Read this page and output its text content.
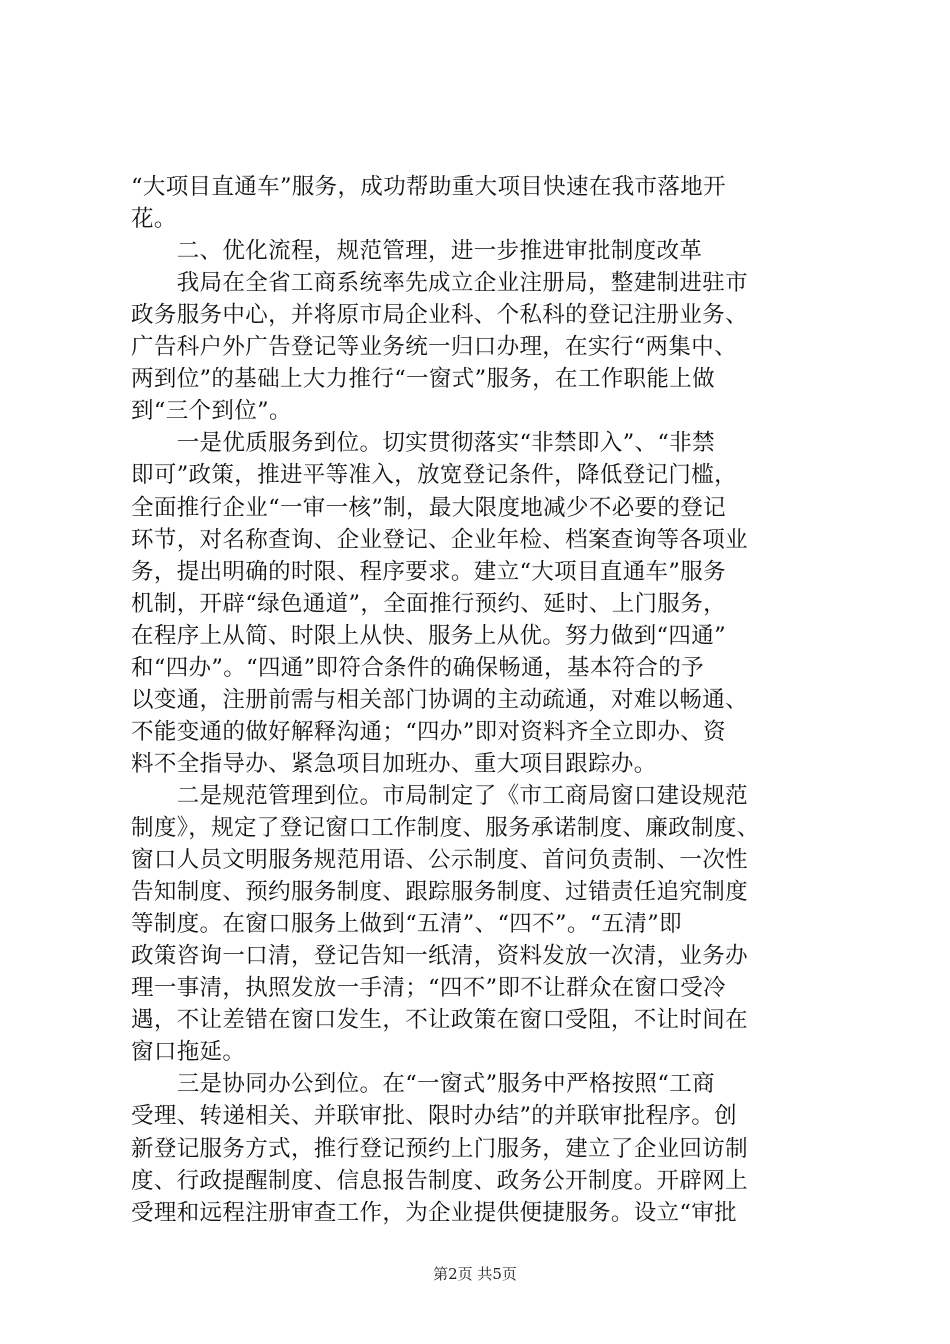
“大项目直通车”服务，成功帮助重大项目快速在我市落地开
花。
　　二、优化流程，规范管理，进一步推进审批制度改革
　　我局在全省工商系统率先成立企业注册局，整建制进驻市
政务服务中心，并将原市局企业科、个私科的登记注册业务、
广告科户外广告登记等业务统一归口办理，在实行“两集中、
两到位”的基础上大力推行“一窗式”服务，在工作职能上做
到“三个到位”。
　　一是优质服务到位。切实贯彻落实“非禁即入”、“非禁
即可”政策，推进平等准入，放宽登记条件，降低登记门槛，
全面推行企业“一审一核”制，最大限度地减少不必要的登记
环节，对名称查询、企业登记、企业年检、档案查询等各项业
务，提出明确的时限、程序要求。建立“大项目直通车”服务
机制，开辟“绿色通道”，全面推行预约、延时、上门服务，
在程序上从简、时限上从快、服务上从优。努力做到“四通”
和“四办”。“四通”即符合条件的确保畅通，基本符合的予
以变通，注册前需与相关部门协调的主动疏通，对难以畅通、
不能变通的做好解释沟通；“四办”即对资料齐全立即办、资
料不全指导办、紧急项目加班办、重大项目跟踪办。
　　二是规范管理到位。市局制定了《市工商局窗口建设规范
制度》，规定了登记窗口工作制度、服务承诺制度、廉政制度、
窗口人员文明服务规范用语、公示制度、首问负责制、一次性
告知制度、预约服务制度、跟踪服务制度、过错责任追究制度
等制度。在窗口服务上做到“五清”、“四不”。“五清”即
政策咨询一口清，登记告知一纸清，资料发放一次清，业务办
理一事清，执照发放一手清；“四不”即不让群众在窗口受冷
遇，不让差错在窗口发生，不让政策在窗口受阻，不让时间在
窗口拖延。
　　三是协同办公到位。在“一窗式”服务中严格按照“工商
受理、转递相关、并联审批、限时办结”的并联审批程序。创
新登记服务方式，推行登记预约上门服务，建立了企业回访制
度、行政提醒制度、信息报告制度、政务公开制度。开辟网上
受理和远程注册审查工作，为企业提供便捷服务。设立“审批
第2页 共5页
